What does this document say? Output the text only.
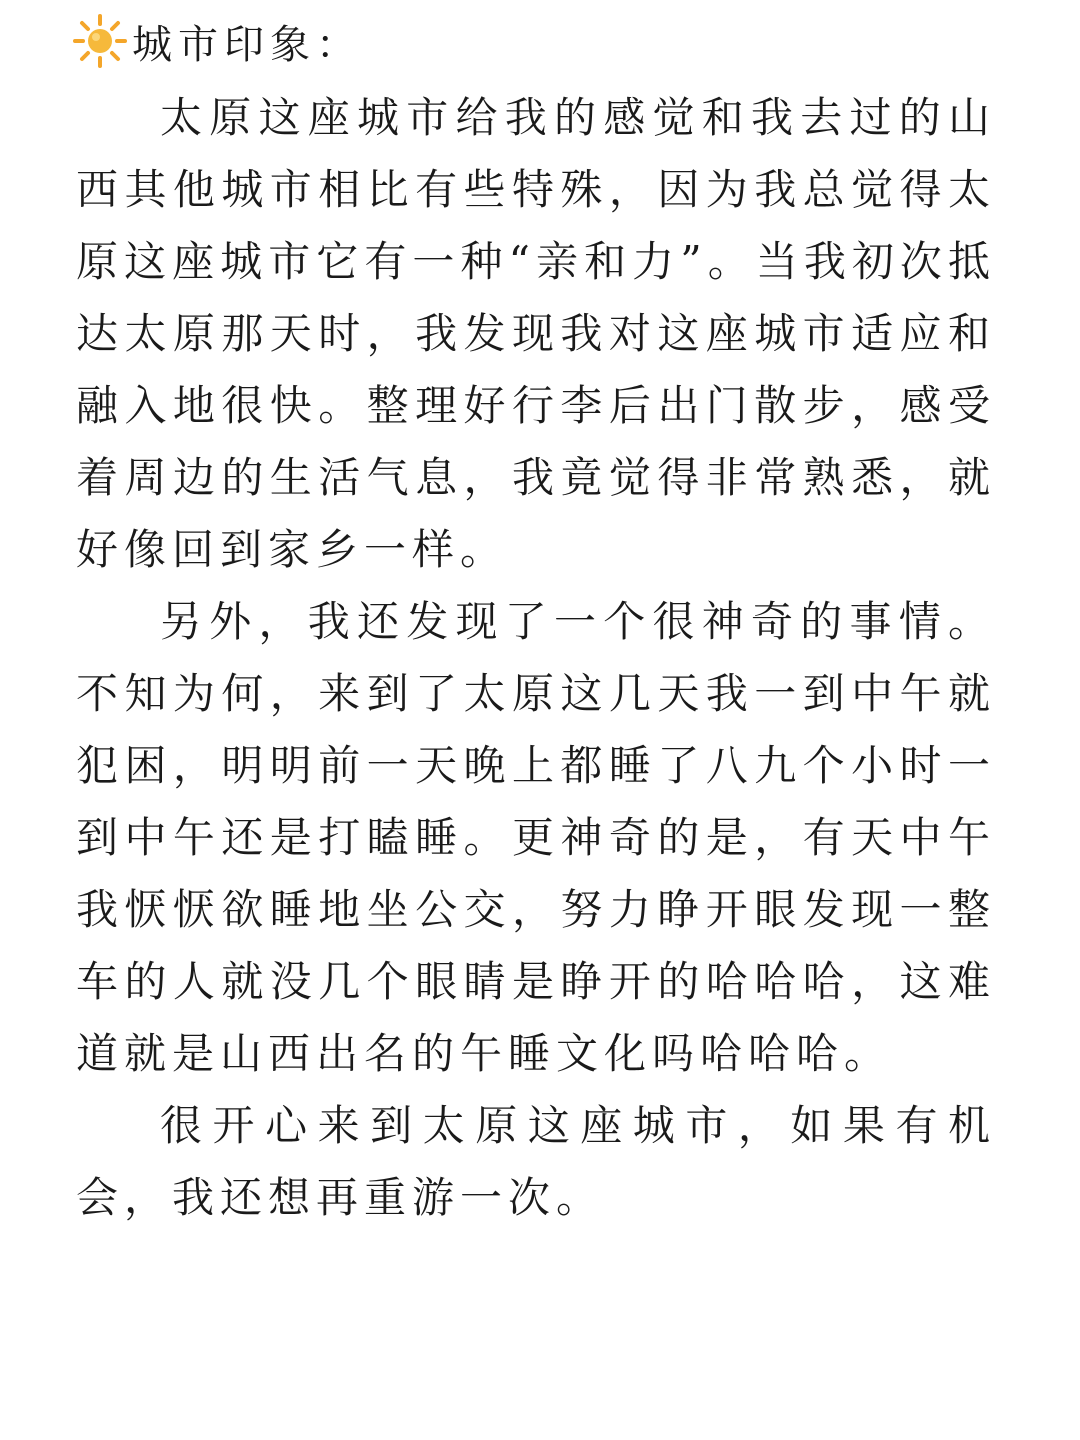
城市印象：

太原这座城市给我的感觉和我去过的山西其他城市相比有些特殊，因为我总觉得太原这座城市它有一种“亲和力”。当我初次抵达太原那天时，我发现我对这座城市适应和融入地很快。整理好行李后出门散步，感受着周边的生活气息，我竟觉得非常熟悉，就好像回到家乡一样。

另外，我还发现了一个很神奇的事情。不知为何，来到了太原这几天我一到中午就犯困，明明前一天晚上都睡了八九个小时一到中午还是打瞌睡。更神奇的是，有天中午我恹恹欲睡地坐公交，努力睁开眼发现一整车的人就没几个眼睛是睁开的哈哈哈，这难道就是山西出名的午睡文化吗哈哈哈。

很开心来到太原这座城市，如果有机会，我还想再重游一次。
